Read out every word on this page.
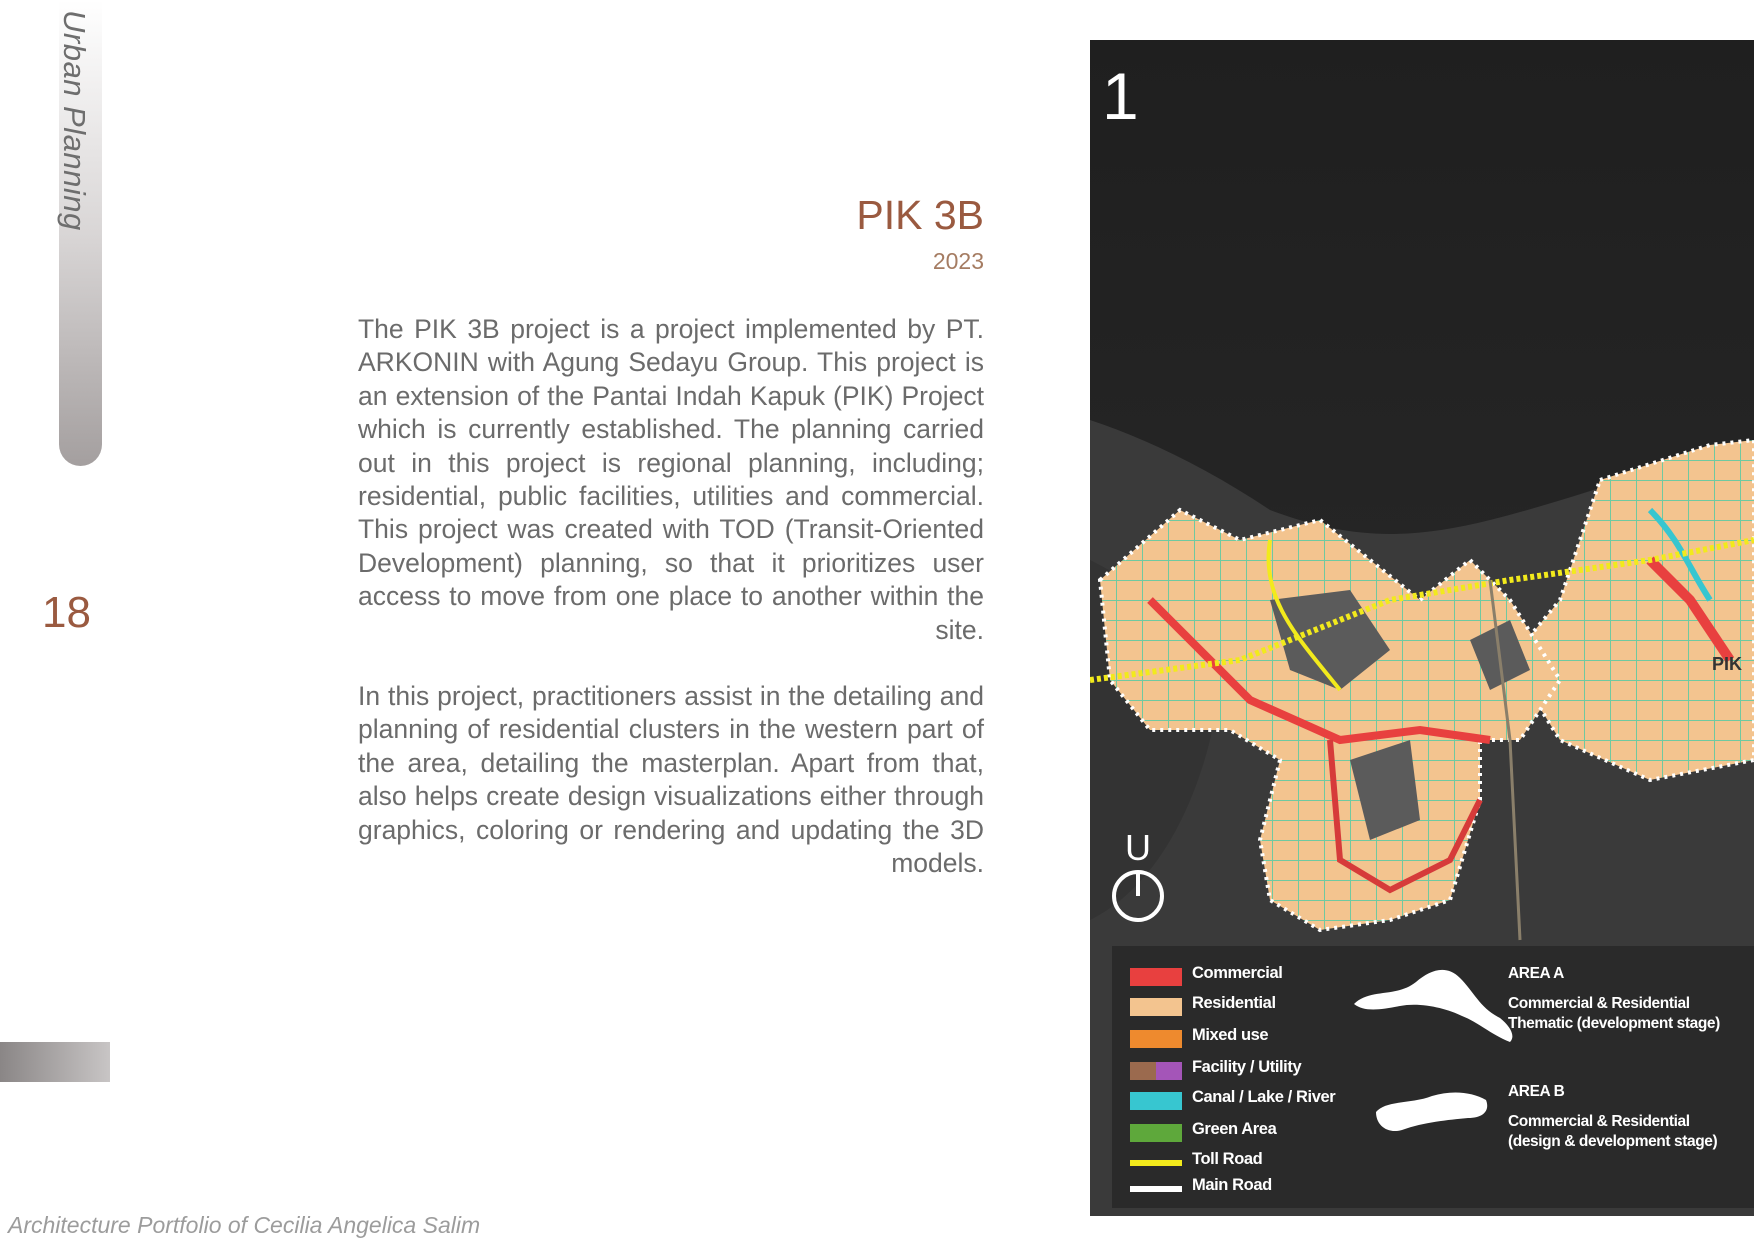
Urban Planning
18
Architecture Portfolio of Cecilia Angelica Salim
PIK 3B
2023

The PIK 3B project is a project implemented by PT. ARKONIN with Agung Sedayu Group. This project is an extension of the Pantai Indah Kapuk (PIK) Project which is currently established. The planning carried out in this project is regional planning, including; residential, public facilities, utilities and commercial. This project was created with TOD (Transit-Oriented Development) planning, so that it prioritizes user access to move from one place to another within the site.

In this project, practitioners assist in the detailing and planning of residential clusters in the western part of the area, detailing the masterplan. Apart from that, also helps create design visualizations either through graphics, coloring or rendering and updating the 3D models.

1
PIK
U
Commercial
Residential
Mixed use
Facility / Utility
Canal / Lake / River
Green Area
Toll Road
Main Road
AREA A
Commercial & Residential Thematic (development stage)
AREA B
Commercial & Residential (design & development stage)
